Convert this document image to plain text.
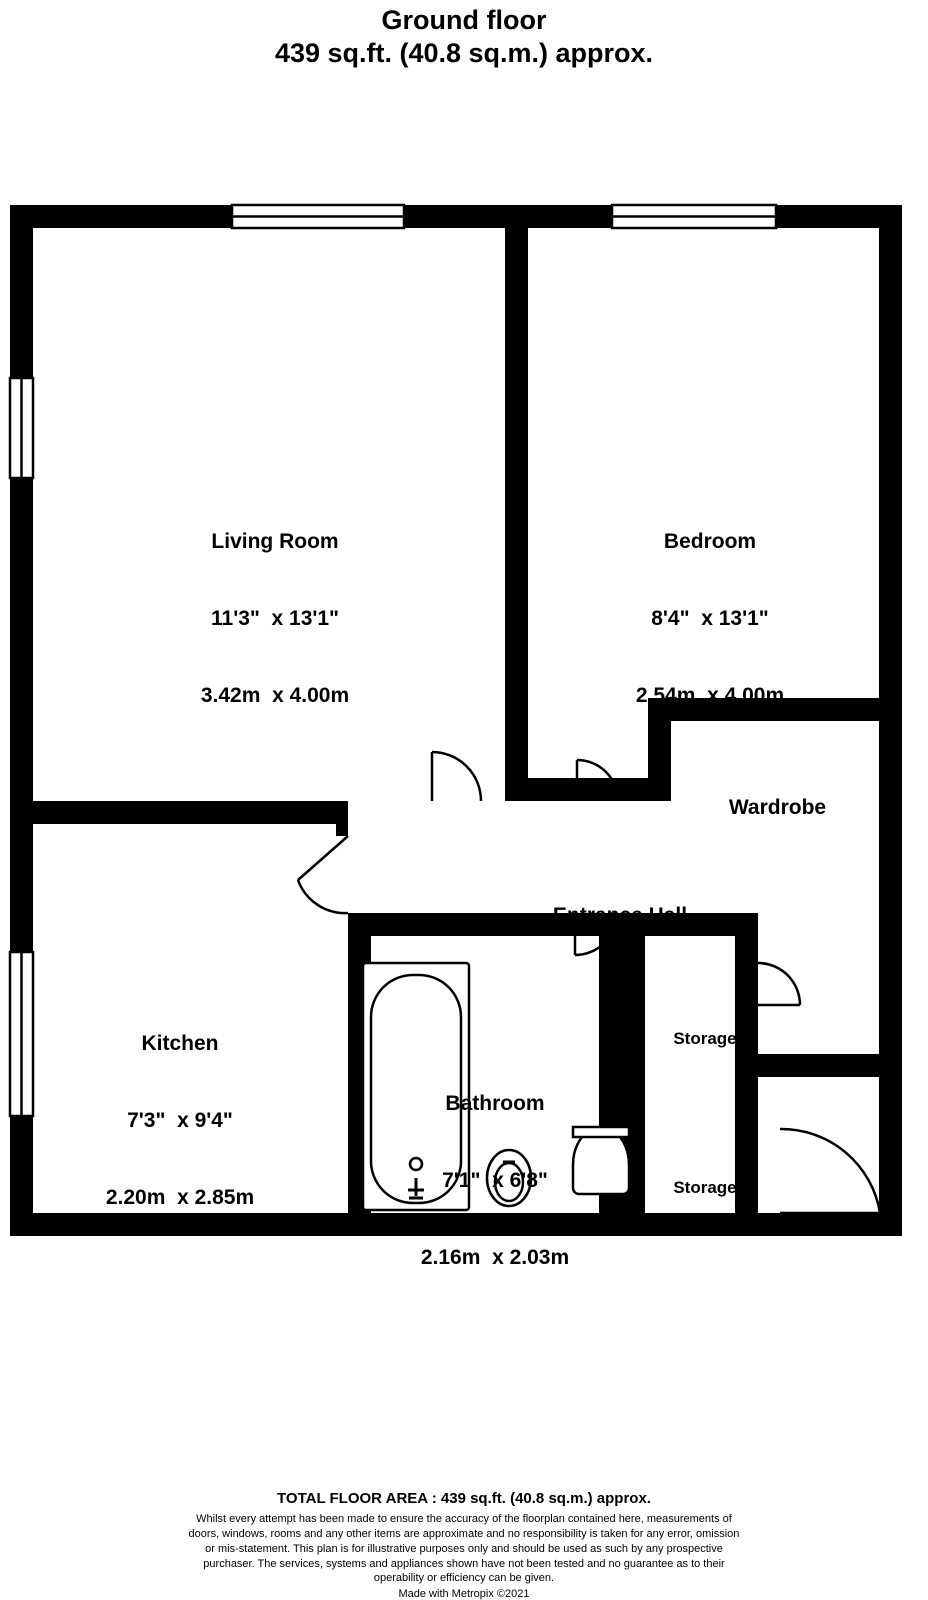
Ground floor
439 sq.ft. (40.8 sq.m.) approx.

Living Room

11'3"  x 13'1"

3.42m  x 4.00m

Bedroom

8'4"  x 13'1"

2.54m  x 4.00m

Wardrobe

Entrance Hall

Kitchen

7'3"  x 9'4"

2.20m  x 2.85m

Bathroom

7'1"  x 6'8"

2.16m  x 2.03m

Storage

Storage

TOTAL FLOOR AREA : 439 sq.ft. (40.8 sq.m.) approx.
Whilst every attempt has been made to ensure the accuracy of the floorplan contained here, measurements of doors, windows, rooms and any other items are approximate and no responsibility is taken for any error, omission or mis-statement. This plan is for illustrative purposes only and should be used as such by any prospective purchaser. The services, systems and appliances shown have not been tested and no guarantee as to their operability or efficiency can be given.
Made with Metropix ©2021
